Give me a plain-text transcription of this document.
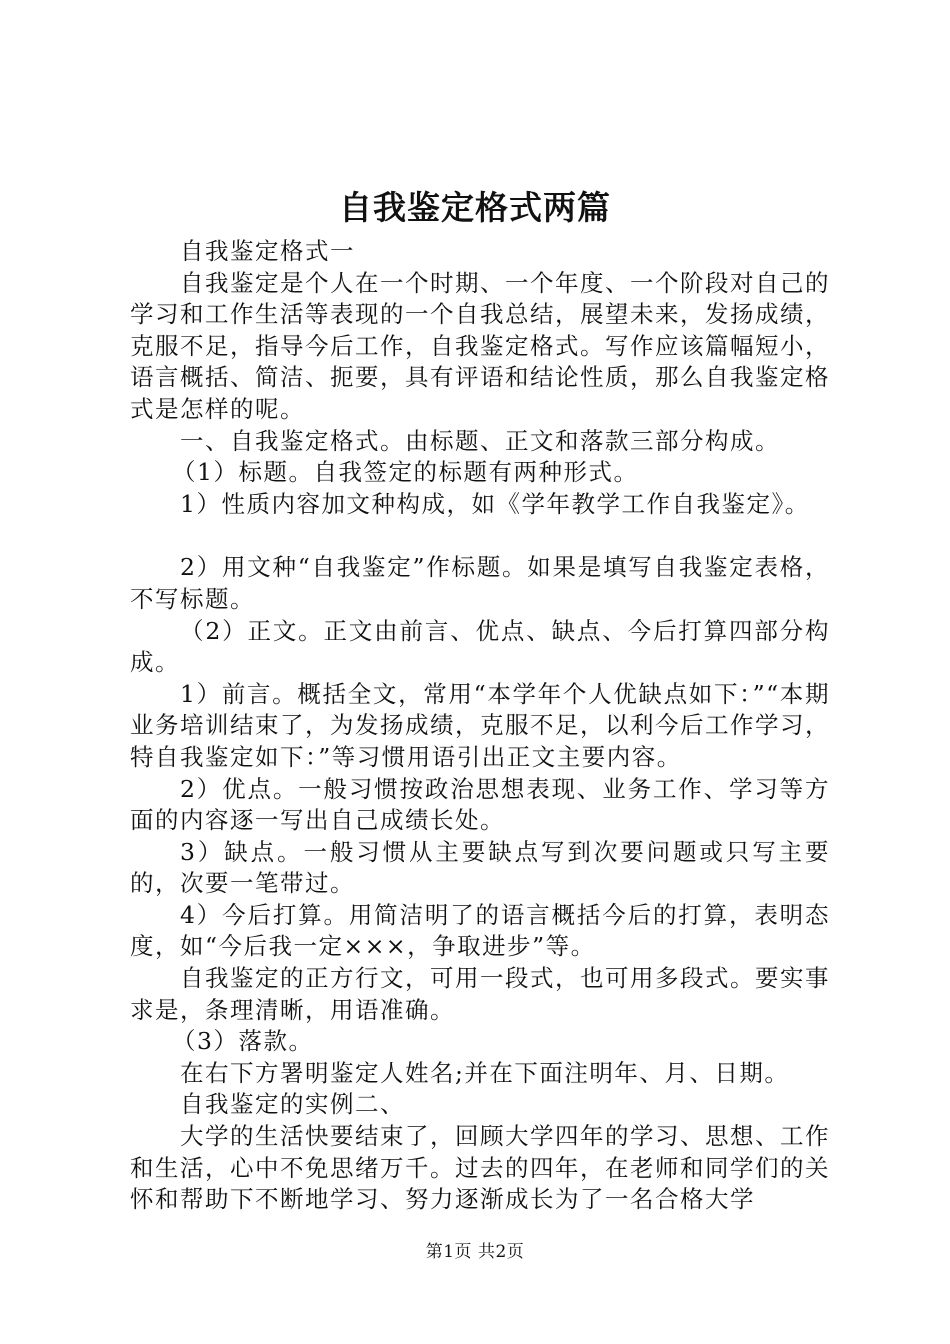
自我鉴定格式两篇

自我鉴定格式一

自我鉴定是个人在一个时期、一个年度、一个阶段对自己的学习和工作生活等表现的一个自我总结，展望未来，发扬成绩，克服不足，指导今后工作，自我鉴定格式。写作应该篇幅短小，语言概括、简洁、扼要，具有评语和结论性质，那么自我鉴定格式是怎样的呢。

一、自我鉴定格式。由标题、正文和落款三部分构成。

（1）标题。自我签定的标题有两种形式。

1）性质内容加文种构成，如《学年教学工作自我鉴定》。

2）用文种“自我鉴定”作标题。如果是填写自我鉴定表格，不写标题。

（2）正文。正文由前言、优点、缺点、今后打算四部分构成。

1）前言。概括全文，常用“本学年个人优缺点如下：”“本期业务培训结束了，为发扬成绩，克服不足，以利今后工作学习，特自我鉴定如下：”等习惯用语引出正文主要内容。

2）优点。一般习惯按政治思想表现、业务工作、学习等方面的内容逐一写出自己成绩长处。

3）缺点。一般习惯从主要缺点写到次要问题或只写主要的，次要一笔带过。

4）今后打算。用简洁明了的语言概括今后的打算，表明态度，如“今后我一定×××，争取进步”等。

自我鉴定的正方行文，可用一段式，也可用多段式。要实事求是，条理清晰，用语准确。

（3）落款。

在右下方署明鉴定人姓名;并在下面注明年、月、日期。

自我鉴定的实例二、

大学的生活快要结束了，回顾大学四年的学习、思想、工作和生活，心中不免思绪万千。过去的四年，在老师和同学们的关怀和帮助下不断地学习、努力逐渐成长为了一名合格大学

第1页 共2页
